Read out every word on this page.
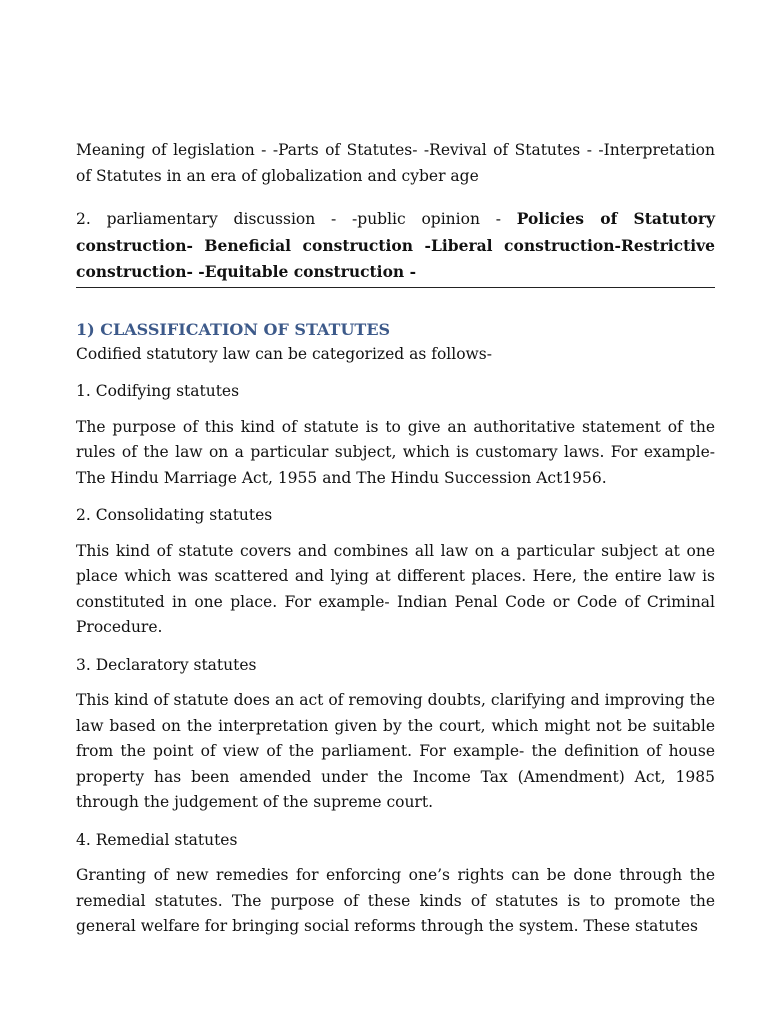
Meaning of legislation - -Parts of Statutes- -Revival of Statutes - -Interpretation of Statutes in an era of globalization and cyber age

2. parliamentary discussion - -public opinion - Policies of Statutory construction- Beneficial construction -Liberal construction-Restrictive construction- -Equitable construction -

1) CLASSIFICATION OF STATUTES

Codified statutory law can be categorized as follows-

1. Codifying statutes

The purpose of this kind of statute is to give an authoritative statement of the rules of the law on a particular subject, which is customary laws. For example- The Hindu Marriage Act, 1955 and The Hindu Succession Act1956.

2. Consolidating statutes

This kind of statute covers and combines all law on a particular subject at one place which was scattered and lying at different places. Here, the entire law is constituted in one place. For example- Indian Penal Code or Code of Criminal Procedure.

3. Declaratory statutes

This kind of statute does an act of removing doubts, clarifying and improving the law based on the interpretation given by the court, which might not be suitable from the point of view of the parliament. For example- the definition of house property has been amended under the Income Tax (Amendment) Act, 1985 through the judgement of the supreme court.

4. Remedial statutes

Granting of new remedies for enforcing one’s rights can be done through the remedial statutes. The purpose of these kinds of statutes is to promote the general welfare for bringing social reforms through the system. These statutes
